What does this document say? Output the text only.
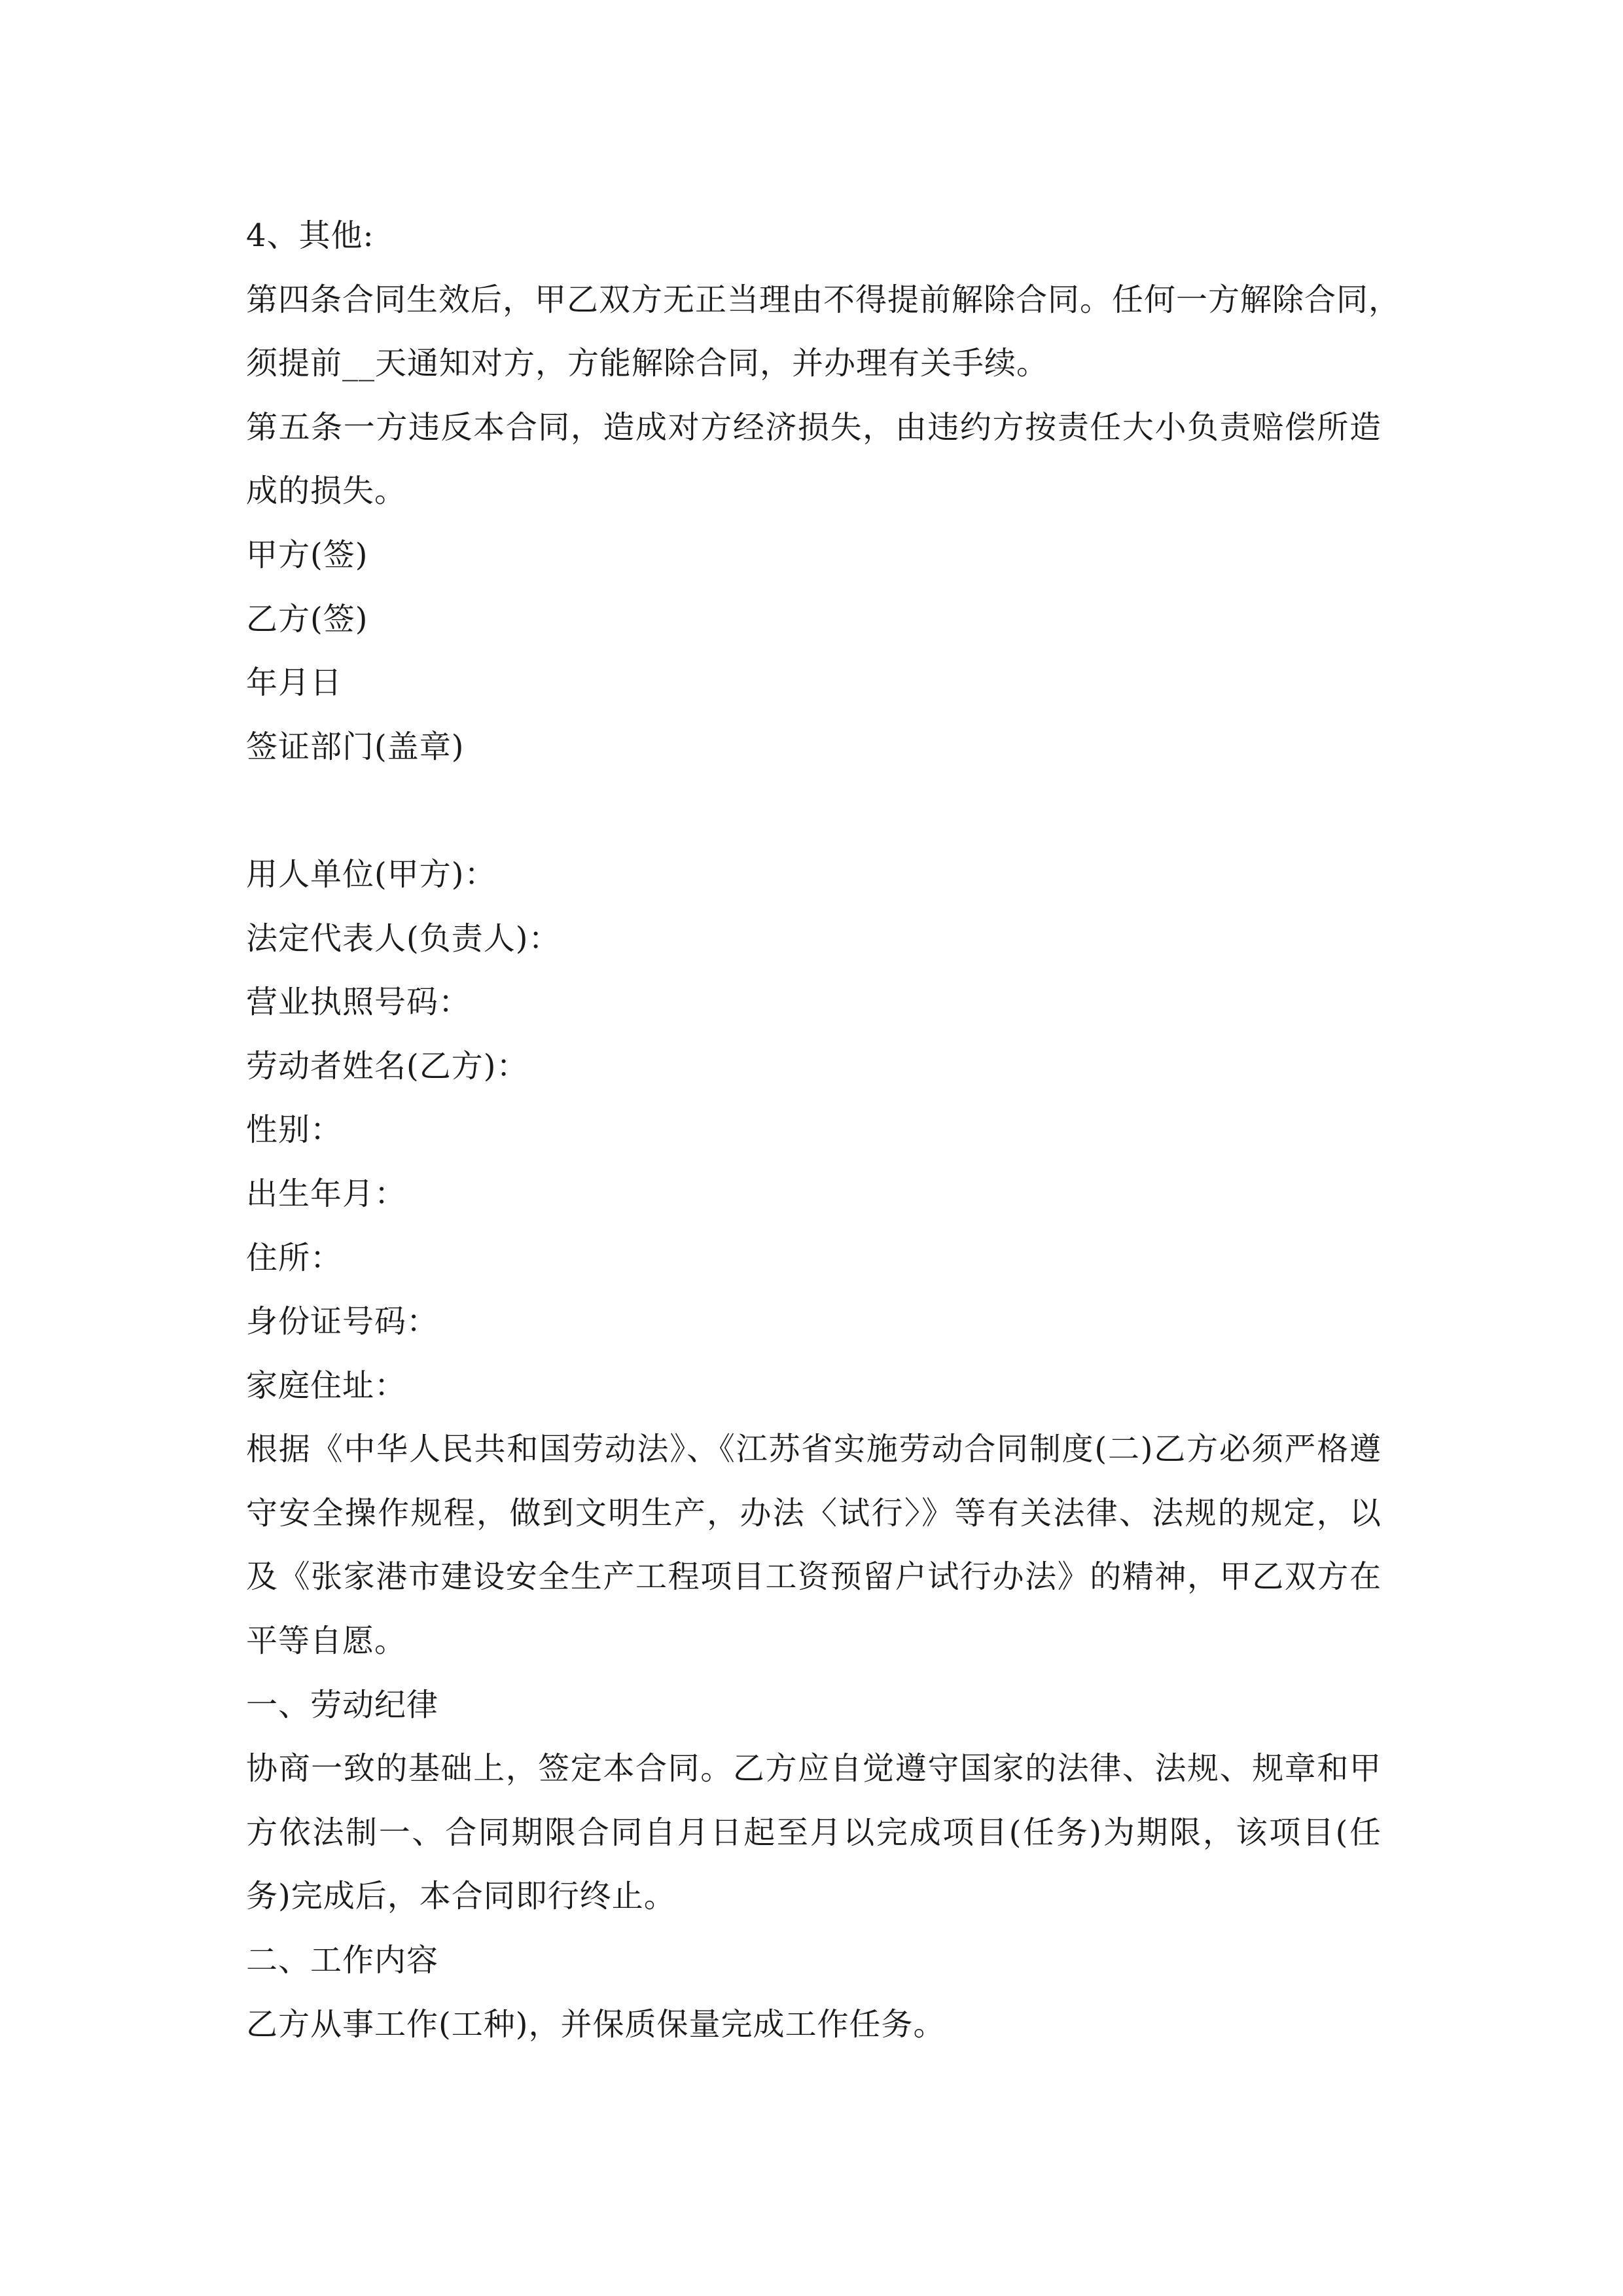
4、其他:
第四条合同生效后，甲乙双方无正当理由不得提前解除合同。任何一方解除合同，
须提前__天通知对方，方能解除合同，并办理有关手续。
第五条一方违反本合同，造成对方经济损失，由违约方按责任大小负责赔偿所造
成的损失。
甲方(签)
乙方(签)
年月日
签证部门(盖章)
用人单位(甲方)：
法定代表人(负责人)：
营业执照号码：
劳动者姓名(乙方)：
性别：
出生年月：
住所：
身份证号码：
家庭住址：
根据《中华人民共和国劳动法》、《江苏省实施劳动合同制度(二)乙方必须严格遵
守安全操作规程，做到文明生产，办法〈试行〉》等有关法律、法规的规定，以
及《张家港市建设安全生产工程项目工资预留户试行办法》的精神，甲乙双方在
平等自愿。
一、劳动纪律
协商一致的基础上，签定本合同。乙方应自觉遵守国家的法律、法规、规章和甲
方依法制一、合同期限合同自月日起至月以完成项目(任务)为期限，该项目(任
务)完成后，本合同即行终止。
二、工作内容
乙方从事工作(工种)，并保质保量完成工作任务。
